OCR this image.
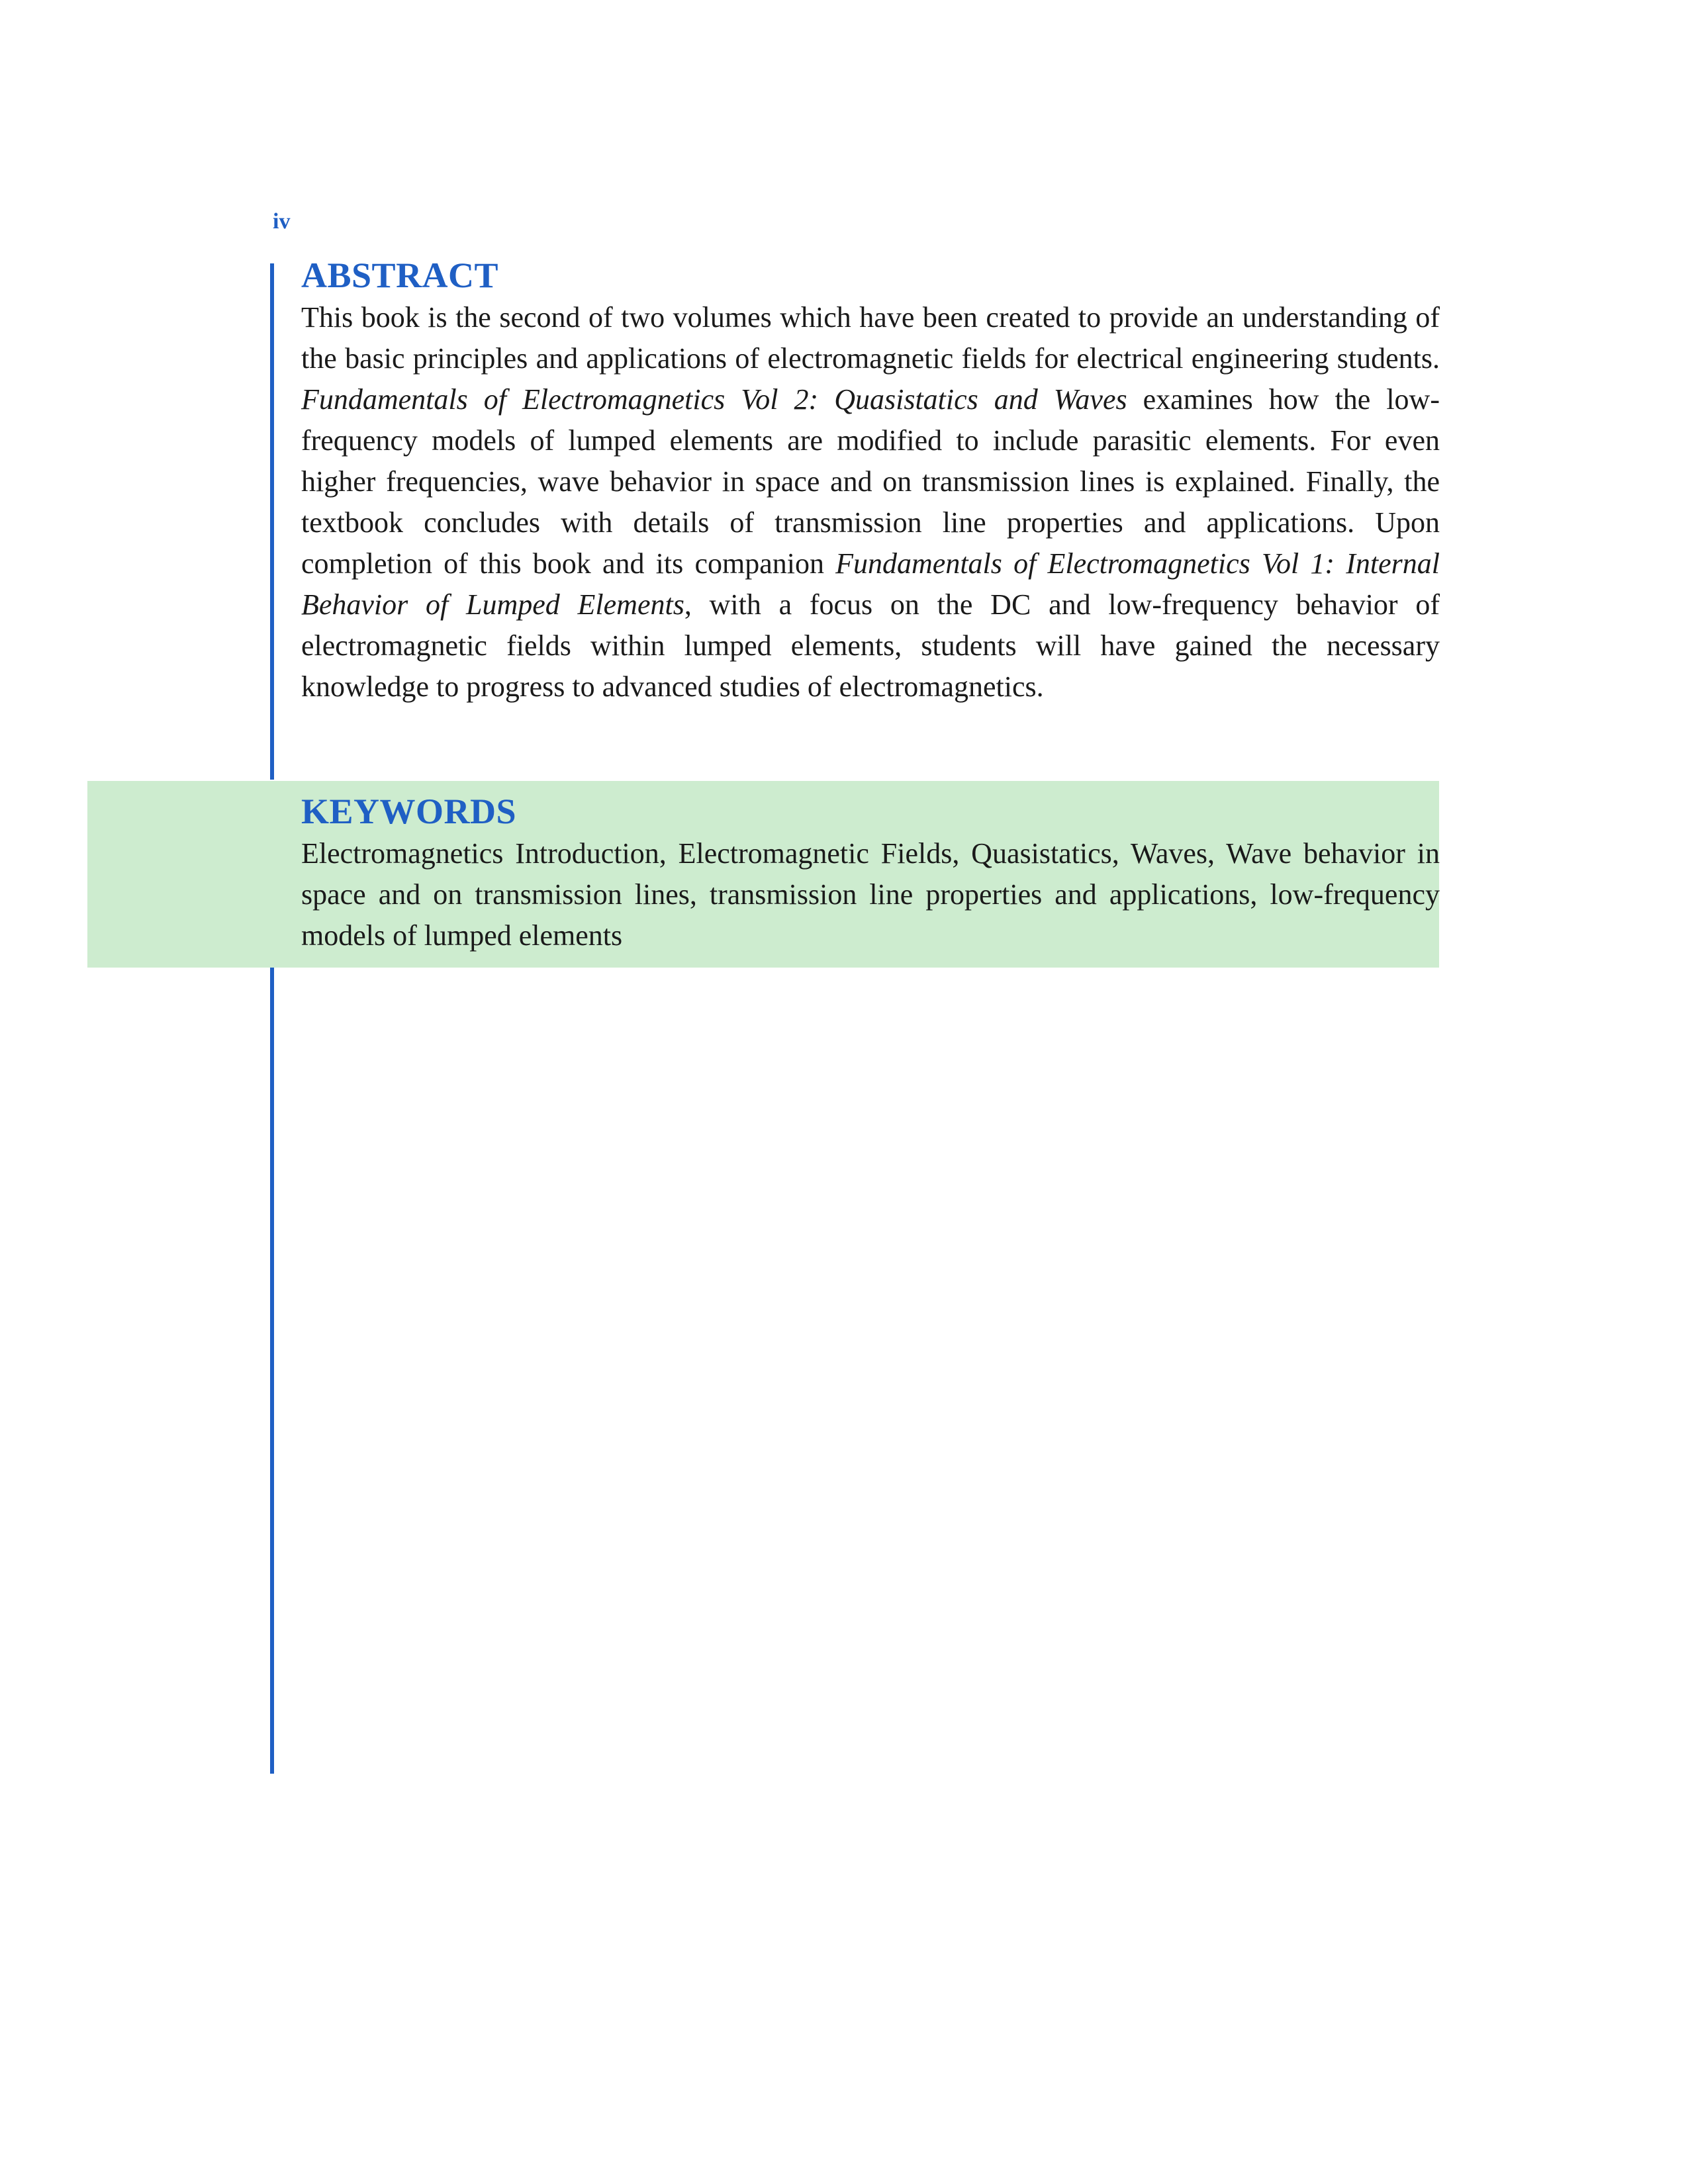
iv
ABSTRACT

This book is the second of two volumes which have been created to provide an understanding of the basic principles and applications of electromagnetic fields for electrical engineering students. Fundamentals of Electromagnetics Vol 2: Quasistatics and Waves examines how the low-frequency models of lumped elements are modified to include parasitic elements. For even higher frequencies, wave behavior in space and on transmission lines is explained. Finally, the textbook concludes with details of transmission line properties and applications. Upon completion of this book and its companion Fundamentals of Electromagnetics Vol 1: Internal Behavior of Lumped Elements, with a focus on the DC and low-frequency behavior of electromagnetic fields within lumped elements, students will have gained the necessary knowledge to progress to advanced studies of electromagnetics.

KEYWORDS

Electromagnetics Introduction, Electromagnetic Fields, Quasistatics, Waves, Wave behavior in space and on transmission lines, transmission line properties and applications, low-frequency models of lumped elements
